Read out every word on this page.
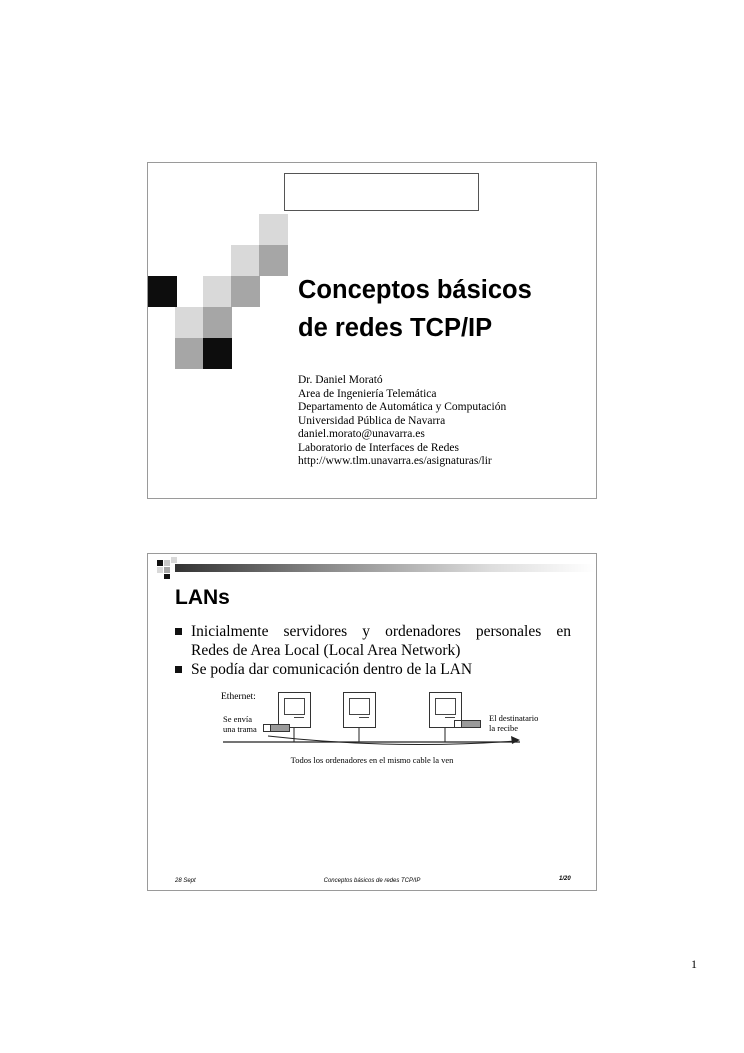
Conceptos básicos
de redes TCP/IP
Dr. Daniel Morató
Area de Ingeniería Telemática
Departamento de Automática y Computación
Universidad Pública de Navarra
daniel.morato@unavarra.es
Laboratorio de Interfaces de Redes
http://www.tlm.unavarra.es/asignaturas/lir
LANs
Inicialmente servidores y ordenadores personales en
Redes de Area Local (Local Area Network)
Se podía dar comunicación dentro de la LAN
Ethernet:
Se envía
una trama
El destinatario
la recibe
Todos los ordenadores en el mismo cable la ven
28 Sept	Conceptos básicos de redes TCP/IP	1/20
1
